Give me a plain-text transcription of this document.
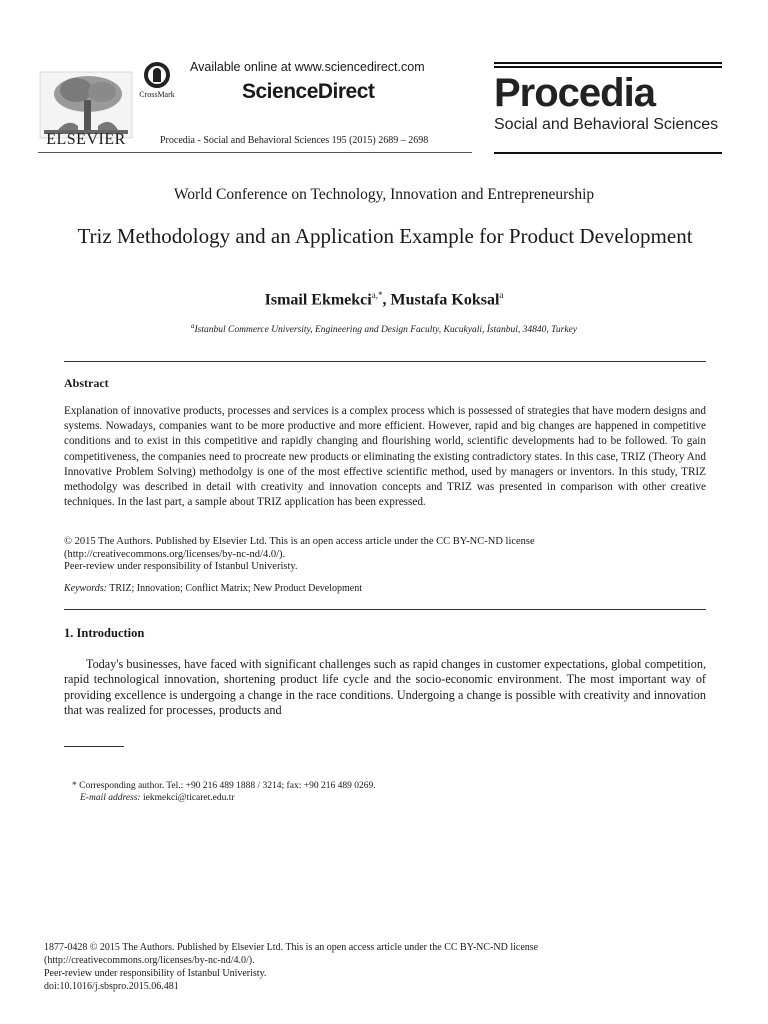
ELSEVIER
CrossMark
Available online at www.sciencedirect.com
ScienceDirect
Procedia - Social and Behavioral Sciences 195 (2015) 2689 – 2698
Procedia
Social and Behavioral Sciences
World Conference on Technology, Innovation and Entrepreneurship
Triz Methodology and an Application Example for Product Development
Ismail Ekmekci$^{a,*}$, Mustafa Koksal$^a$
$^a$Istanbul Commerce University, Engineering and Design Faculty, Kucukyali, İstanbul, 34840, Turkey
Abstract
Explanation of innovative products, processes and services is a complex process which is possessed of strategies that have modern designs and systems. Nowadays, companies want to be more productive and more efficient. However, rapid and big changes are happened in competitive conditions and to exist in this competitive and rapidly changing and flourishing world, scientific developments had to be followed. To gain competitiveness, the companies need to procreate new products or eliminating the existing contradictory states. In this case, TRIZ (Theory And Innovative Problem Solving) methodolgy is one of the most effective scientific method, used by managers or inventors. In this study, TRIZ methodolgy was described in detail with creativity and innovation concepts and TRIZ was presented in comparison with other creative techniques. In the last part, a sample about TRIZ application has been expressed.
© 2015 The Authors. Published by Elsevier Ltd. This is an open access article under the CC BY-NC-ND license
(http://creativecommons.org/licenses/by-nc-nd/4.0/).
Peer-review under responsibility of Istanbul Univeristy.
Keywords: TRIZ; Innovation; Conflict Matrix; New Product Development
1. Introduction
Today's businesses, have faced with significant challenges such as rapid changes in customer expectations, global competition, rapid technological innovation, shortening product life cycle and the socio-economic environment. The most important way of providing excellence is undergoing a change in the race conditions. Undergoing a change is possible with creativity and innovation that was realized for processes, products and
* Corresponding author. Tel.: +90 216 489 1888 / 3214; fax: +90 216 489 0269.
E-mail address: iekmekci@ticaret.edu.tr
1877-0428 © 2015 The Authors. Published by Elsevier Ltd. This is an open access article under the CC BY-NC-ND license
(http://creativecommons.org/licenses/by-nc-nd/4.0/).
Peer-review under responsibility of Istanbul Univeristy.
doi:10.1016/j.sbspro.2015.06.481
